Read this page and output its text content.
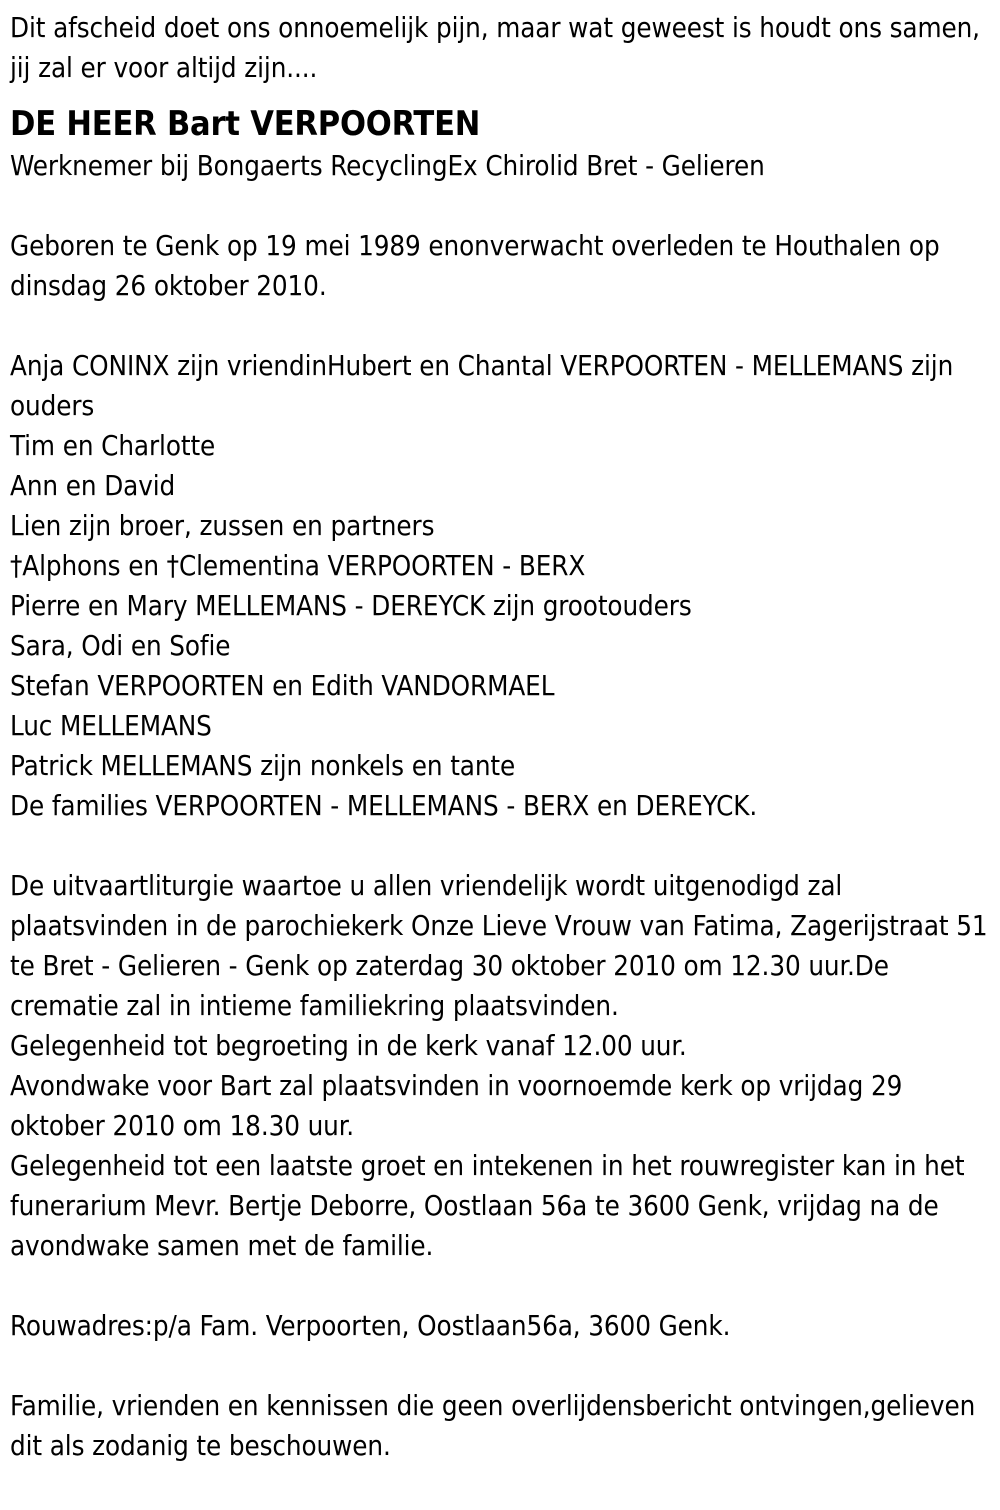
Dit afscheid doet ons onnoemelijk pijn, maar wat geweest is houdt ons samen, jij zal er voor altijd zijn....

DE HEER Bart VERPOORTEN

Werknemer bij Bongaerts RecyclingEx Chirolid Bret - Gelieren

Geboren te Genk op 19 mei 1989 enonverwacht overleden te Houthalen op dinsdag 26 oktober 2010.

Anja CONINX zijn vriendinHubert en Chantal VERPOORTEN - MELLEMANS zijn ouders

Tim en Charlotte

Ann en David

Lien zijn broer, zussen en partners

†Alphons en †Clementina VERPOORTEN - BERX

Pierre en Mary MELLEMANS - DEREYCK zijn grootouders

Sara, Odi en Sofie

Stefan VERPOORTEN en Edith VANDORMAEL

Luc MELLEMANS

Patrick MELLEMANS zijn nonkels en tante

De families VERPOORTEN - MELLEMANS - BERX en DEREYCK.

De uitvaartliturgie waartoe u allen vriendelijk wordt uitgenodigd zal plaatsvinden in de parochiekerk Onze Lieve Vrouw van Fatima, Zagerijstraat 51 te Bret - Gelieren - Genk op zaterdag 30 oktober 2010 om 12.30 uur.De crematie zal in intieme familiekring plaatsvinden.

Gelegenheid tot begroeting in de kerk vanaf 12.00 uur.

Avondwake voor Bart zal plaatsvinden in voornoemde kerk op vrijdag 29 oktober 2010 om 18.30 uur.

Gelegenheid tot een laatste groet en intekenen in het rouwregister kan in het funerarium Mevr. Bertje Deborre, Oostlaan 56a te 3600 Genk, vrijdag na de avondwake samen met de familie.

Rouwadres:p/a Fam. Verpoorten, Oostlaan56a, 3600 Genk.

Familie, vrienden en kennissen die geen overlijdensbericht ontvingen,gelieven dit als zodanig te beschouwen.
